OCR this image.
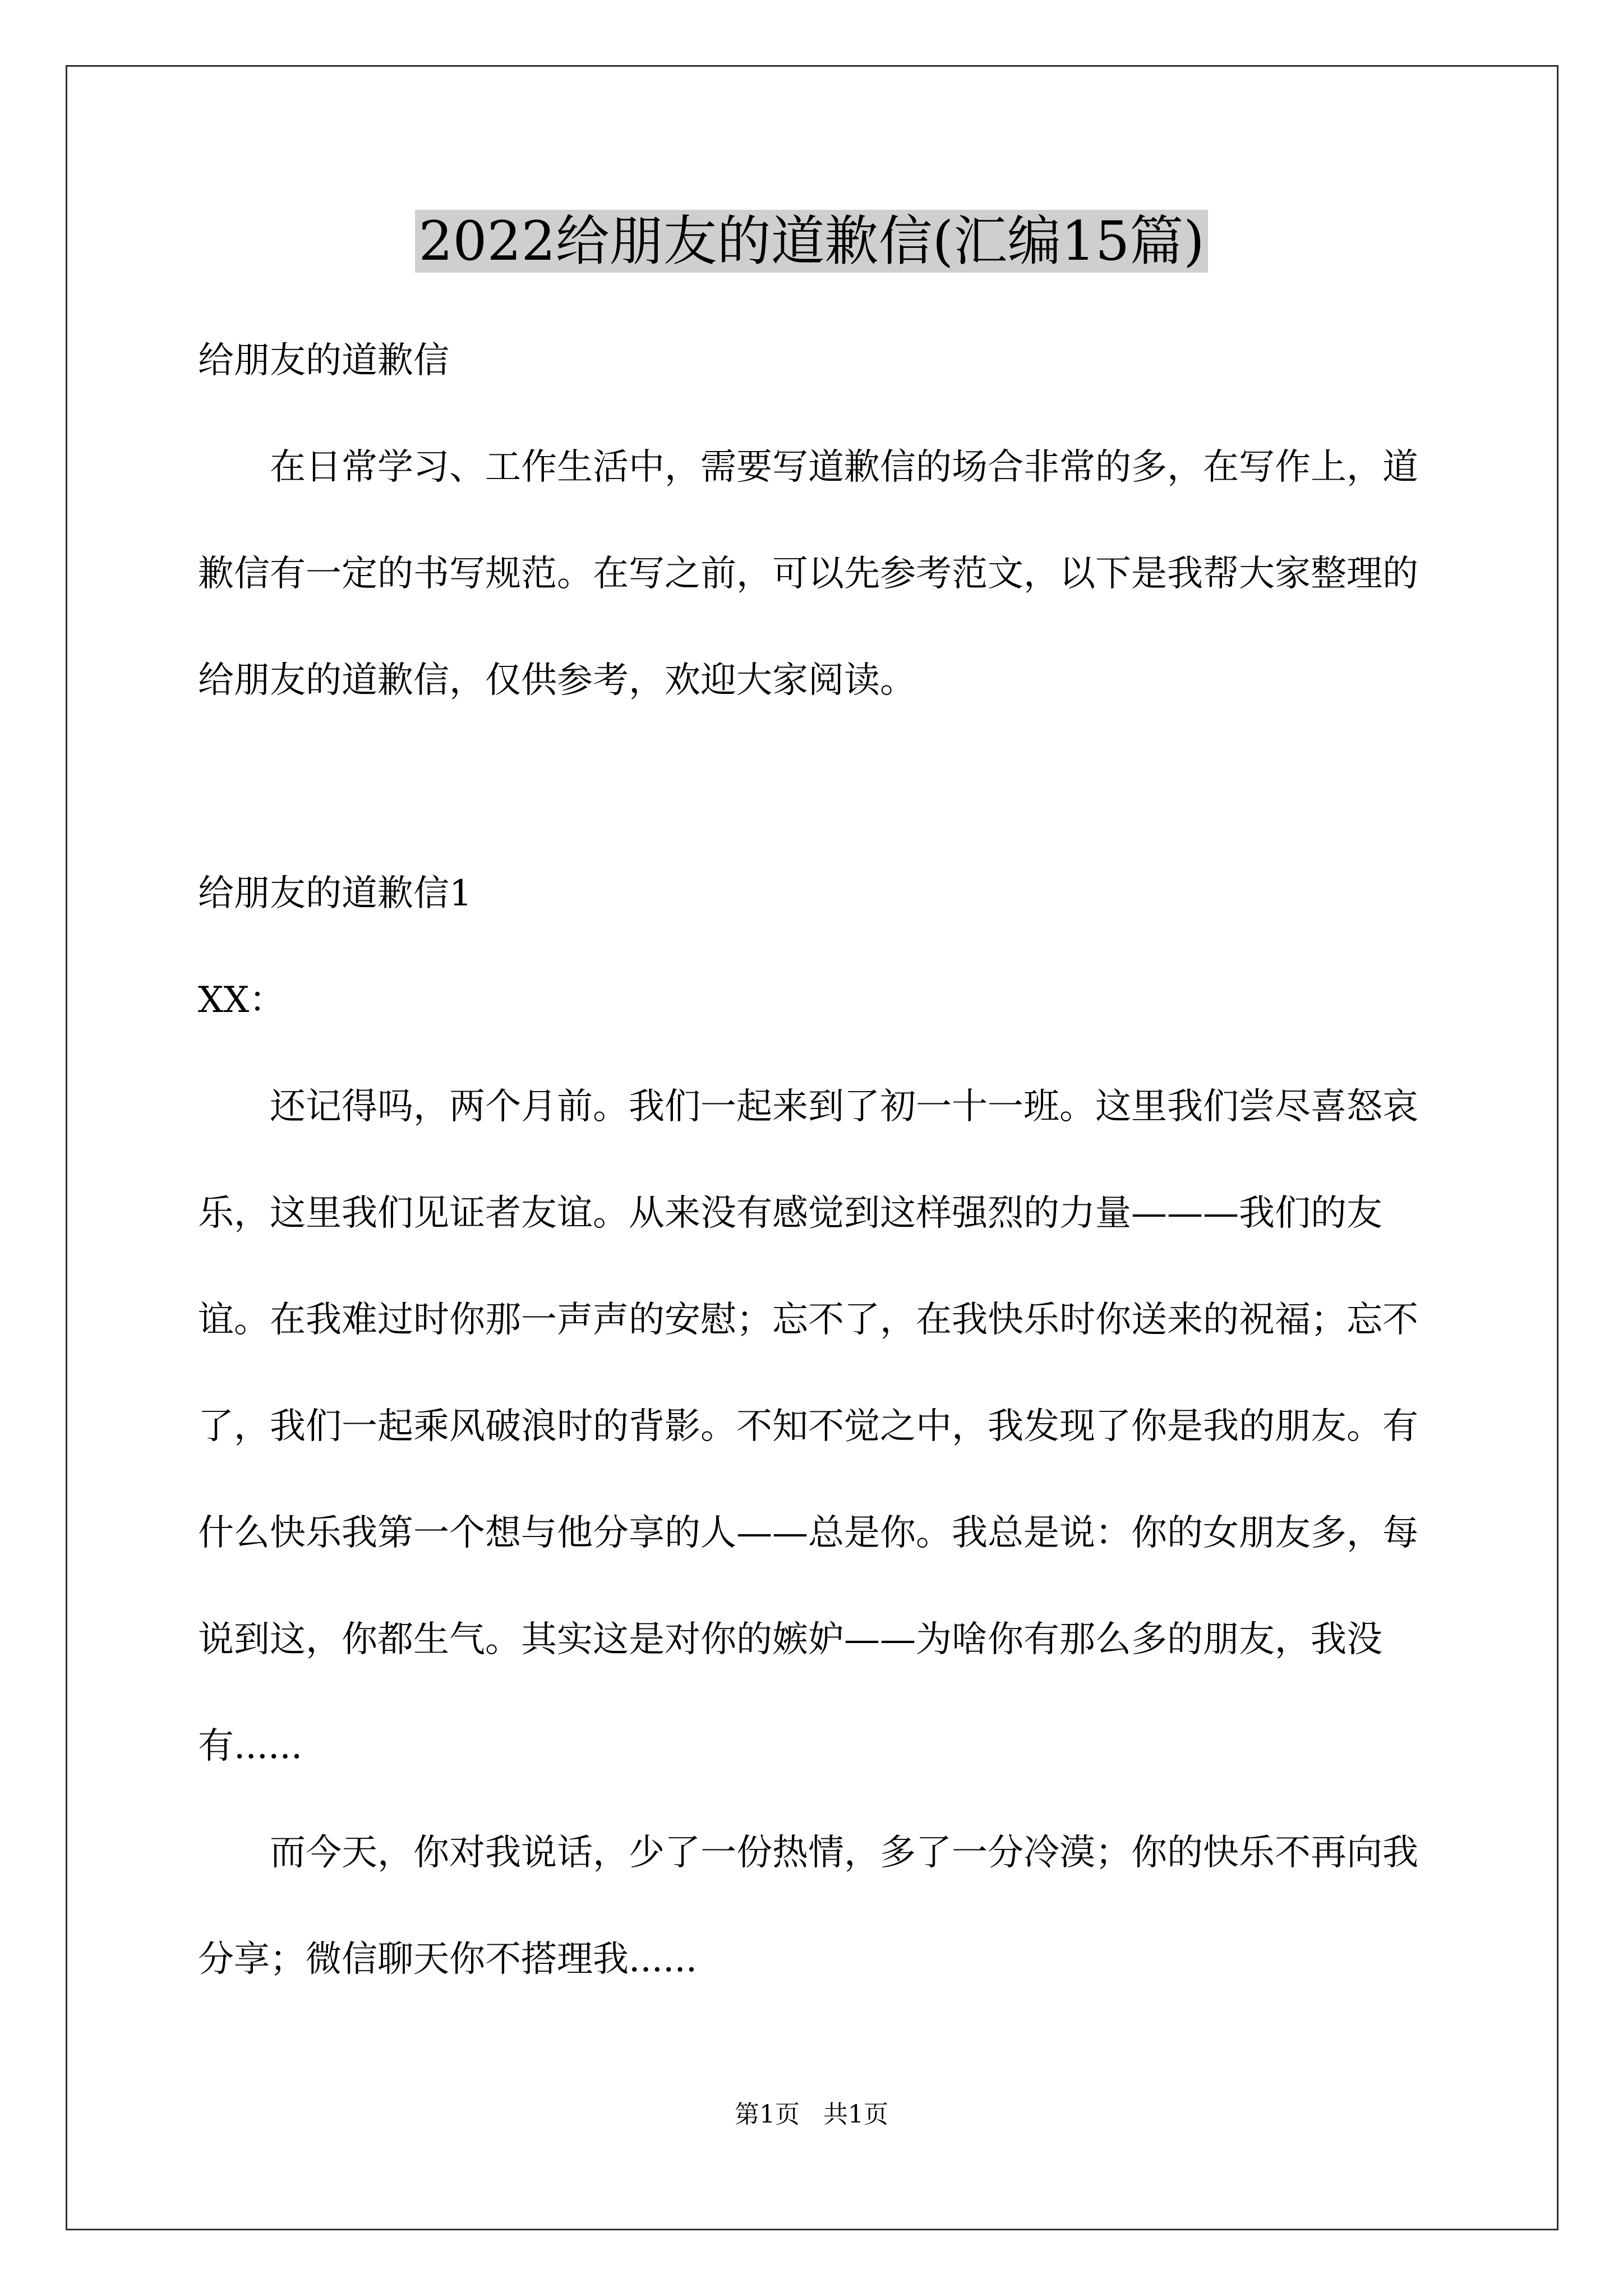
2022给朋友的道歉信(汇编15篇)

给朋友的道歉信

在日常学习、工作生活中，需要写道歉信的场合非常的多，在写作上，道歉信有一定的书写规范。在写之前，可以先参考范文，以下是我帮大家整理的给朋友的道歉信，仅供参考，欢迎大家阅读。

给朋友的道歉信1

XX：

还记得吗，两个月前。我们一起来到了初一十一班。这里我们尝尽喜怒哀乐，这里我们见证者友谊。从来没有感觉到这样强烈的力量———我们的友谊。在我难过时你那一声声的安慰；忘不了，在我快乐时你送来的祝福；忘不了，我们一起乘风破浪时的背影。不知不觉之中，我发现了你是我的朋友。有什么快乐我第一个想与他分享的人——总是你。我总是说：你的女朋友多，每说到这，你都生气。其实这是对你的嫉妒——为啥你有那么多的朋友，我没有......

而今天，你对我说话，少了一份热情，多了一分冷漠；你的快乐不再向我分享；微信聊天你不搭理我......

第1页   共1页
